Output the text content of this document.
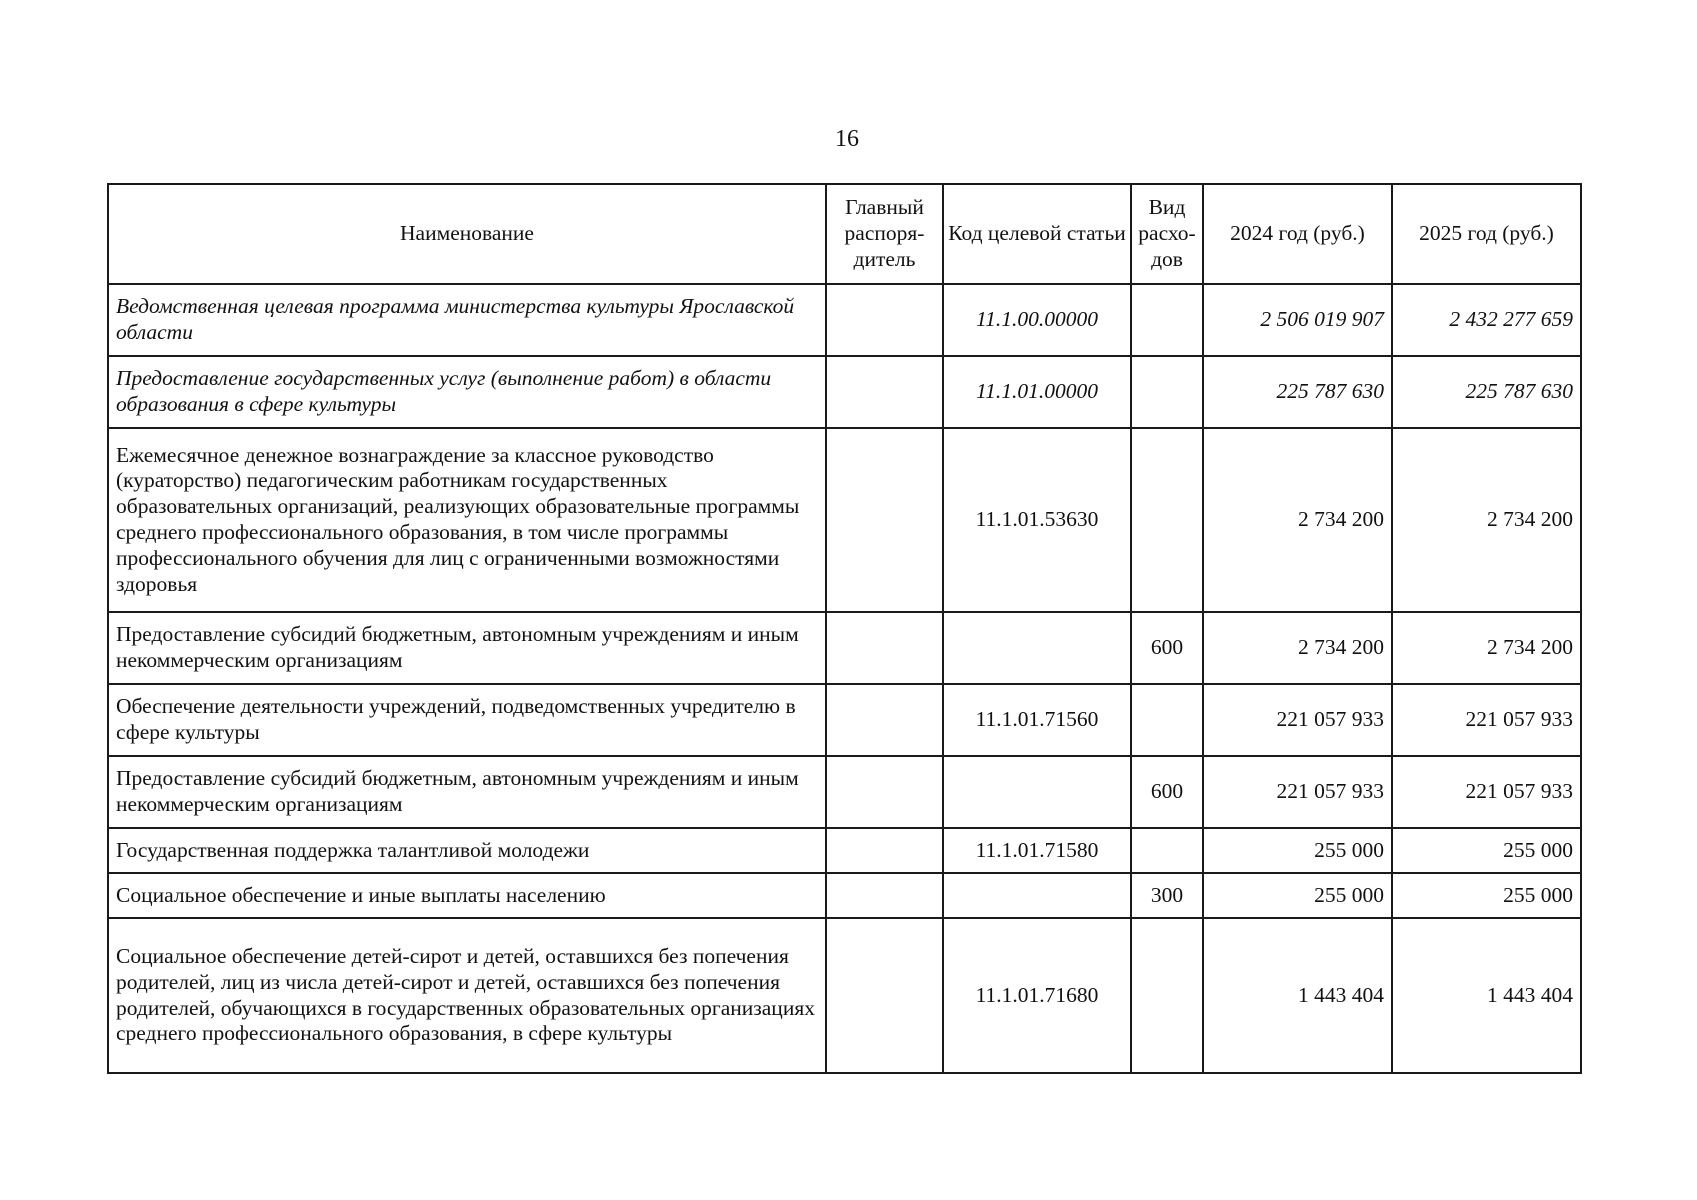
16
Наименование	Главный распоря-дитель	Код целевой статьи	Вид расхо-дов	2024 год (руб.)	2025 год (руб.)
Ведомственная целевая программа министерства культуры Ярославской области		11.1.00.00000		2 506 019 907	2 432 277 659
Предоставление государственных услуг (выполнение работ) в области образования в сфере культуры		11.1.01.00000		225 787 630	225 787 630
Ежемесячное денежное вознаграждение за классное руководство (кураторство) педагогическим работникам государственных образовательных организаций, реализующих образовательные программы среднего профессионального образования, в том числе программы профессионального обучения для лиц с ограниченными возможностями здоровья		11.1.01.53630		2 734 200	2 734 200
Предоставление субсидий бюджетным, автономным учреждениям и иным некоммерческим организациям			600	2 734 200	2 734 200
Обеспечение деятельности учреждений, подведомственных учредителю в сфере культуры		11.1.01.71560		221 057 933	221 057 933
Предоставление субсидий бюджетным, автономным учреждениям и иным некоммерческим организациям			600	221 057 933	221 057 933
Государственная поддержка талантливой молодежи		11.1.01.71580		255 000	255 000
Социальное обеспечение и иные выплаты населению			300	255 000	255 000
Социальное обеспечение детей-сирот и детей, оставшихся без попечения родителей, лиц из числа детей-сирот и детей, оставшихся без попечения родителей, обучающихся в государственных образовательных организациях среднего профессионального образования, в сфере культуры		11.1.01.71680		1 443 404	1 443 404
